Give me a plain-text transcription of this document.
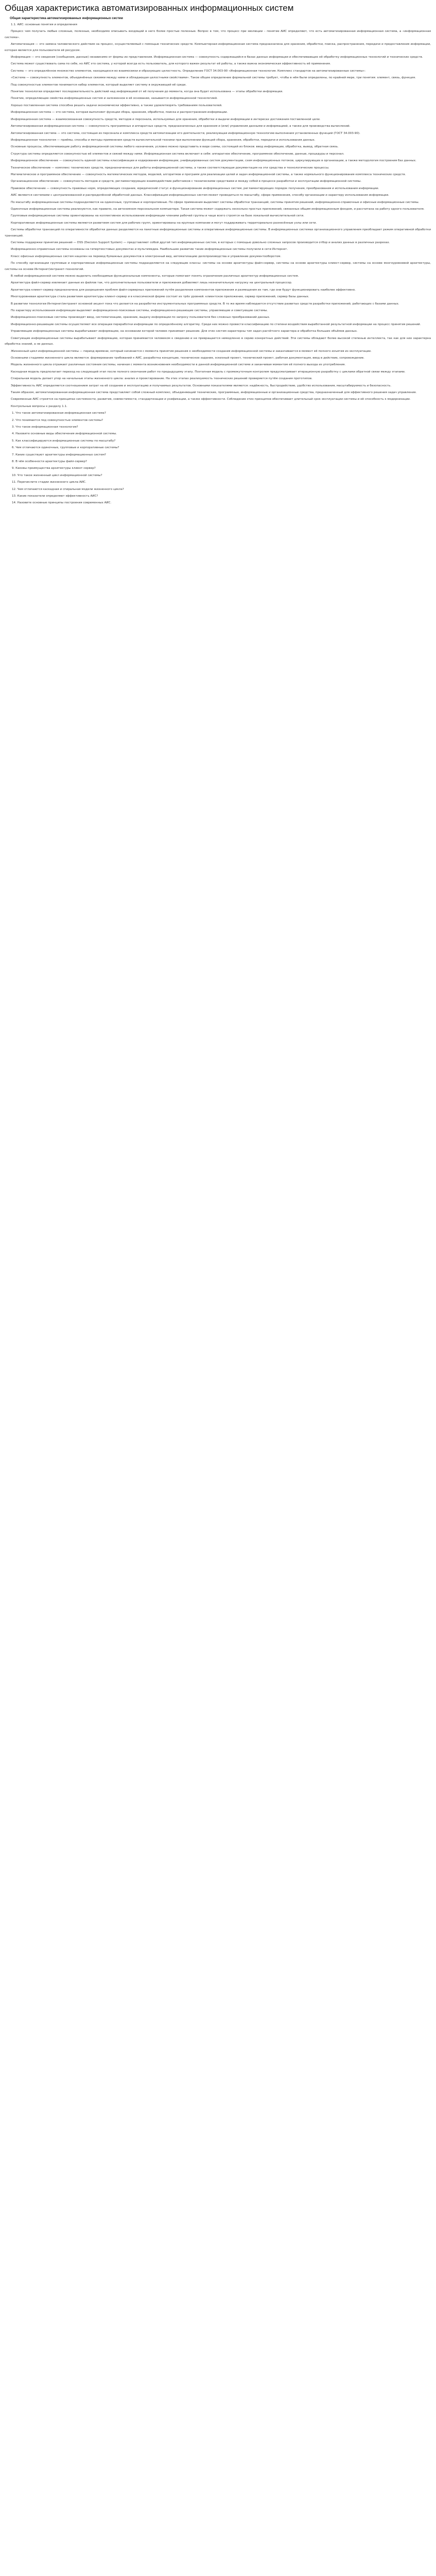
Общая характеристика автоматизированных информационных систем
Общая характеристика автоматизированных информационных систем

1.1. АИС: основные понятия и определения

Процесс чем получать любые сложные, полезные, необходимо описывать входящий в него более простые полезные. Вопрос в том, что процесс при эволюции – понятие АИС определяют, что есть автоматизированная информационная система, а «информационная система».

Автоматизация — это замена человеческого действия на процесс, осуществляемый с помощью технических средств. Компьютерная информационная система предназначена для хранения, обработки, поиска, распространения, передачи и предоставления информации, которая является для пользователя её ресурсом.

Информация — это сведения (сообщения, данные) независимо от формы их представления. Информационная система — совокупность содержащейся в базах данных информации и обеспечивающих её обработку информационных технологий и технических средств.

Система может существовать сама по себе, но АИС это система, у которой всегда есть пользователь, для которого важен результат её работы, а также важна экономическая эффективность её применения.

Система — это определённое множество элементов, находящихся во взаимосвязи и образующих целостность. Определение ГОСТ 34.003-90 «Информационная технология. Комплекс стандартов на автоматизированные системы»:

«Система — совокупность элементов, объединённых связями между ними и обладающая целостными свойствами». Такое общее определение формальной системы требует, чтобы в нём были определены, по крайней мере, три понятия: элемент, связь, функция.

Под совокупностью элементов понимается набор элементов, который выделяет систему в окружающей её среде.

Понятие технологии определяет последовательность действий над информацией от её получения до момента, когда она будет использована — этапы обработки информации.

Понятие, определяющее свойства информационных систем и заложенное в её основании, называется информационной технологией.

Хорошо поставленная система способна решать задачи экономически эффективно, а также удовлетворять требованиям пользователей.

Информационная система — это система, которая выполняет функции сбора, хранения, обработки, поиска и распространения информации.

Информационная система — взаимосвязанная совокупность средств, методов и персонала, используемых для хранения, обработки и выдачи информации в интересах достижения поставленной цели.

Автоматизированная информационная система — совокупность программных и аппаратных средств, предназначенных для хранения и (или) управления данными и информацией, а также для производства вычислений.

Автоматизированная система — это система, состоящая из персонала и комплекса средств автоматизации его деятельности, реализующая информационную технологию выполнения установленных функций (ГОСТ 34.003-90).

Информационная технология — приёмы, способы и методы применения средств вычислительной техники при выполнении функций сбора, хранения, обработки, передачи и использования данных.

Основные процессы, обеспечивающие работу информационной системы любого назначения, условно можно представить в виде схемы, состоящей из блоков: ввод информации, обработка, вывод, обратная связь.

Структура системы определяется совокупностью её элементов и связей между ними. Информационная система включает в себя: аппаратное обеспечение, программное обеспечение, данные, процедуры и персонал.

Информационное обеспечение — совокупность единой системы классификации и кодирования информации, унифицированных систем документации, схем информационных потоков, циркулирующих в организации, а также методология построения баз данных.

Техническое обеспечение — комплекс технических средств, предназначенных для работы информационной системы, а также соответствующая документация на эти средства и технологические процессы.

Математическое и программное обеспечение — совокупность математических методов, моделей, алгоритмов и программ для реализации целей и задач информационной системы, а также нормального функционирования комплекса технических средств.

Организационное обеспечение — совокупность методов и средств, регламентирующих взаимодействие работников с техническими средствами и между собой в процессе разработки и эксплуатации информационной системы.

Правовое обеспечение — совокупность правовых норм, определяющих создание, юридический статус и функционирование информационных систем, регламентирующих порядок получения, преобразования и использования информации.

АИС являются системами с централизованной и распределённой обработкой данных. Классификация информационных систем может проводиться по масштабу, сфере применения, способу организации и характеру использования информации.

По масштабу информационные системы подразделяются на одиночные, групповые и корпоративные. По сфере применения выделяют системы обработки транзакций, системы принятия решений, информационно-справочные и офисные информационные системы.

Одиночные информационные системы реализуются, как правило, на автономном персональном компьютере. Такая система может содержать несколько простых приложений, связанных общим информационным фондом, и рассчитана на работу одного пользователя.

Групповые информационные системы ориентированы на коллективное использование информации членами рабочей группы и чаще всего строятся на базе локальной вычислительной сети.

Корпоративные информационные системы являются развитием систем для рабочих групп, ориентированы на крупные компании и могут поддерживать территориально разнесённые узлы или сети.

Системы обработки транзакций по оперативности обработки данных разделяются на пакетные информационные системы и оперативные информационные системы. В информационных системах организационного управления преобладает режим оперативной обработки транзакций.

Системы поддержки принятия решений — DSS (Decision Support System) — представляют собой другой тип информационных систем, в которых с помощью довольно сложных запросов производится отбор и анализ данных в различных разрезах.

Информационно-справочные системы основаны на гипертекстовых документах и мультимедиа. Наибольшее развитие такие информационные системы получили в сети Интернет.

Класс офисных информационных систем нацелен на перевод бумажных документов в электронный вид, автоматизацию делопроизводства и управление документооборотом.

По способу организации групповые и корпоративные информационные системы подразделяются на следующие классы: системы на основе архитектуры файл-сервер, системы на основе архитектуры клиент-сервер, системы на основе многоуровневой архитектуры, системы на основе Интернет/интранет-технологий.

В любой информационной системе можно выделить необходимые функциональные компоненты, которые помогают понять ограничения различных архитектур информационных систем.

Архитектура файл-сервер извлекает данные из файлов так, что дополнительные пользователи и приложения добавляют лишь незначительную нагрузку на центральный процессор.

Архитектура клиент-сервер предназначена для разрешения проблем файл-серверных приложений путём разделения компонентов приложения и размещения их там, где они будут функционировать наиболее эффективно.

Многоуровневая архитектура стала развитием архитектуры клиент-сервер и в классической форме состоит из трёх уровней: клиентское приложение, сервер приложений, сервер базы данных.

В развитии технологии Интернет/интранет основной акцент пока что делается на разработке инструментальных программных средств. В то же время наблюдается отсутствие развитых средств разработки приложений, работающих с базами данных.

По характеру использования информации выделяют информационно-поисковые системы, информационно-решающие системы, управляющие и советующие системы.

Информационно-поисковые системы производят ввод, систематизацию, хранение, выдачу информации по запросу пользователя без сложных преобразований данных.

Информационно-решающие системы осуществляют все операции переработки информации по определённому алгоритму. Среди них можно провести классификацию по степени воздействия выработанной результатной информации на процесс принятия решений.

Управляющие информационные системы вырабатывают информацию, на основании которой человек принимает решение. Для этих систем характерны тип задач расчётного характера и обработка больших объёмов данных.

Советующие информационные системы вырабатывают информацию, которая принимается человеком к сведению и не превращается немедленно в серию конкретных действий. Эти системы обладают более высокой степенью интеллекта, так как для них характерна обработка знаний, а не данных.

Жизненный цикл информационной системы — период времени, который начинается с момента принятия решения о необходимости создания информационной системы и заканчивается в момент её полного изъятия из эксплуатации.

Основными стадиями жизненного цикла являются: формирование требований к АИС, разработка концепции, техническое задание, эскизный проект, технический проект, рабочая документация, ввод в действие, сопровождение.

Модель жизненного цикла отражает различные состояния системы, начиная с момента возникновения необходимости в данной информационной системе и заканчивая моментом её полного выхода из употребления.

Каскадная модель предполагает переход на следующий этап после полного окончания работ по предыдущему этапу. Поэтапная модель с промежуточным контролем предусматривает итерационную разработку с циклами обратной связи между этапами.

Спиральная модель делает упор на начальные этапы жизненного цикла: анализ и проектирование. На этих этапах реализуемость технических решений проверяется путём создания прототипов.

Эффективность АИС определяется соотношением затрат на её создание и эксплуатацию и получаемых результатов. Основными показателями являются: надёжность, быстродействие, удобство использования, масштабируемость и безопасность.

Таким образом, автоматизированная информационная система представляет собой сложный комплекс, объединяющий технические, программные, информационные и организационные средства, предназначенный для эффективного решения задач управления.

Современные АИС строятся на принципах системности, развития, совместимости, стандартизации и унификации, а также эффективности. Соблюдение этих принципов обеспечивает длительный срок эксплуатации системы и её способность к модернизации.

Контрольные вопросы к разделу 1.1.

1. Что такое автоматизированная информационная система?

2. Что понимается под совокупностью элементов системы?

3. Что такое информационная технология?

4. Назовите основные виды обеспечения информационной системы.

5. Как классифицируются информационные системы по масштабу?

6. Чем отличаются одиночные, групповые и корпоративные системы?

7. Какие существуют архитектуры информационных систем?

8. В чём особенности архитектуры файл-сервер?

9. Каковы преимущества архитектуры клиент-сервер?

10. Что такое жизненный цикл информационной системы?

11. Перечислите стадии жизненного цикла АИС.

12. Чем отличаются каскадная и спиральная модели жизненного цикла?

13. Какие показатели определяют эффективность АИС?

14. Назовите основные принципы построения современных АИС.
